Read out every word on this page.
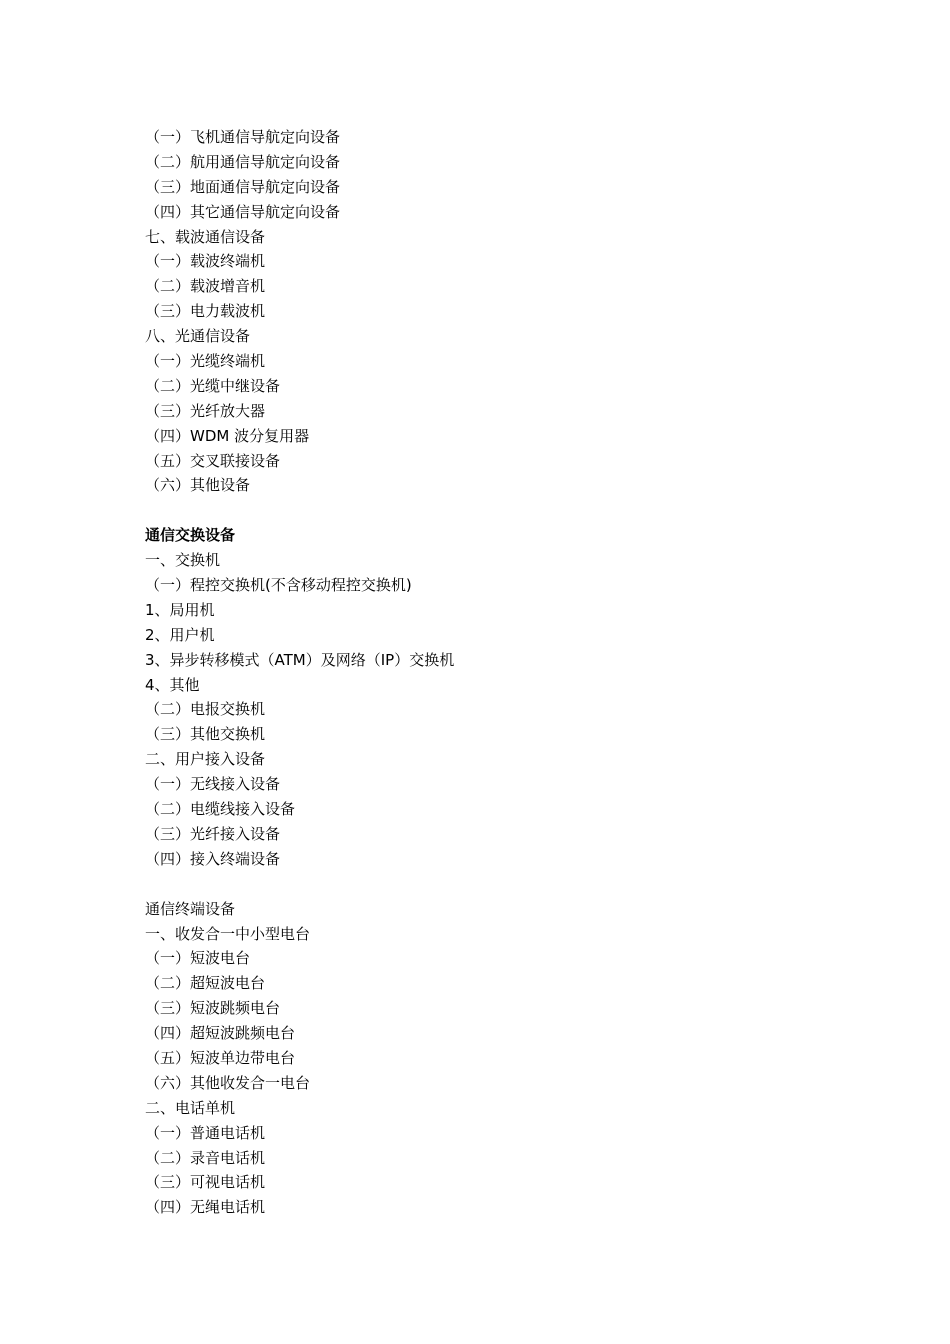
（一）飞机通信导航定向设备
（二）航用通信导航定向设备
（三）地面通信导航定向设备
（四）其它通信导航定向设备
七、载波通信设备
（一）载波终端机
（二）载波增音机
（三）电力载波机
八、光通信设备
（一）光缆终端机
（二）光缆中继设备
（三）光纤放大器
（四）WDM 波分复用器
（五）交叉联接设备
（六）其他设备
通信交换设备
一、交换机
（一）程控交换机(不含移动程控交换机)
1、局用机
2、用户机
3、异步转移模式（ATM）及网络（IP）交换机
4、其他
（二）电报交换机
（三）其他交换机
二、用户接入设备
（一）无线接入设备
（二）电缆线接入设备
（三）光纤接入设备
（四）接入终端设备
通信终端设备
一、收发合一中小型电台
（一）短波电台
（二）超短波电台
（三）短波跳频电台
（四）超短波跳频电台
（五）短波单边带电台
（六）其他收发合一电台
二、电话单机
（一）普通电话机
（二）录音电话机
（三）可视电话机
（四）无绳电话机
